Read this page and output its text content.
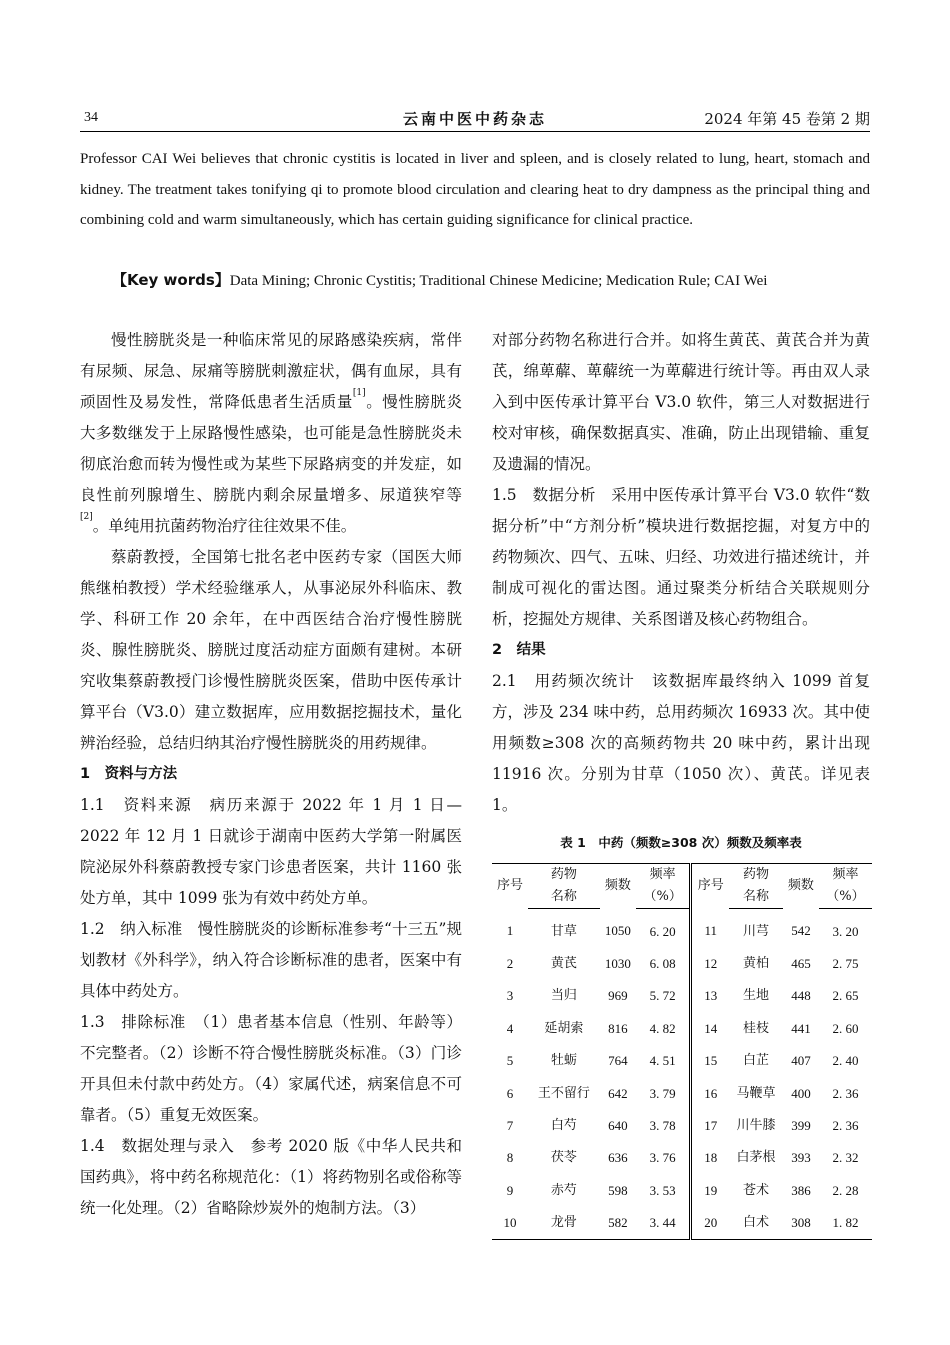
34	云南中医中药杂志	2024 年第 45 卷第 2 期

Professor CAI Wei believes that chronic cystitis is located in liver and spleen, and is closely related to lung, heart, stomach and kidney. The treatment takes tonifying qi to promote blood circulation and clearing heat to dry dampness as the principal thing and combining cold and warm simultaneously, which has certain guiding significance for clinical practice.

【Key words】Data Mining; Chronic Cystitis; Traditional Chinese Medicine; Medication Rule; CAI Wei

慢性膀胱炎是一种临床常见的尿路感染疾病，常伴有尿频、尿急、尿痛等膀胱刺激症状，偶有血尿，具有顽固性及易发性，常降低患者生活质量[1]。慢性膀胱炎大多数继发于上尿路慢性感染，也可能是急性膀胱炎未彻底治愈而转为慢性或为某些下尿路病变的并发症，如良性前列腺增生、膀胱内剩余尿量增多、尿道狭窄等[2]。单纯用抗菌药物治疗往往效果不佳。

蔡蔚教授，全国第七批名老中医药专家（国医大师熊继柏教授）学术经验继承人，从事泌尿外科临床、教学、科研工作 20 余年，在中西医结合治疗慢性膀胱炎、腺性膀胱炎、膀胱过度活动症方面颇有建树。本研究收集蔡蔚教授门诊慢性膀胱炎医案，借助中医传承计算平台（V3.0）建立数据库，应用数据挖掘技术，量化辨治经验，总结归纳其治疗慢性膀胱炎的用药规律。

1　资料与方法

1.1　资料来源　病历来源于 2022 年 1 月 1 日—2022 年 12 月 1 日就诊于湖南中医药大学第一附属医院泌尿外科蔡蔚教授专家门诊患者医案，共计 1160 张处方单，其中 1099 张为有效中药处方单。

1.2　纳入标准　慢性膀胱炎的诊断标准参考“十三五”规划教材《外科学》，纳入符合诊断标准的患者，医案中有具体中药处方。

1.3　排除标准　（1）患者基本信息（性别、年龄等）不完整者。（2）诊断不符合慢性膀胱炎标准。（3）门诊开具但未付款中药处方。（4）家属代述，病案信息不可靠者。（5）重复无效医案。

1.4　数据处理与录入　参考 2020 版《中华人民共和国药典》，将中药名称规范化：（1）将药物别名或俗称等统一化处理。（2）省略除炒炭外的炮制方法。（3）

对部分药物名称进行合并。如将生黄芪、黄芪合并为黄芪，绵萆薢、萆薢统一为萆薢进行统计等。再由双人录入到中医传承计算平台 V3.0 软件，第三人对数据进行校对审核，确保数据真实、准确，防止出现错输、重复及遗漏的情况。

1.5　数据分析　采用中医传承计算平台 V3.0 软件“数据分析”中“方剂分析”模块进行数据挖掘，对复方中的药物频次、四气、五味、归经、功效进行描述统计，并制成可视化的雷达图。通过聚类分析结合关联规则分析，挖掘处方规律、关系图谱及核心药物组合。

2　结果

2.1　用药频次统计　该数据库最终纳入 1099 首复方，涉及 234 味中药，总用药频次 16933 次。其中使用频数≥308 次的高频药物共 20 味中药，累计出现 11916 次。分别为甘草（1050 次）、黄芪。详见表 1。

表 1　中药（频数≥308 次）频数及频率表
序号	药物	频数	频率	序号	药物	频数	频率
	名称		（%）		名称		（%）
1	甘草	1050	6. 20	11	川芎	542	3. 20
2	黄芪	1030	6. 08	12	黄柏	465	2. 75
3	当归	969	5. 72	13	生地	448	2. 65
4	延胡索	816	4. 82	14	桂枝	441	2. 60
5	牡蛎	764	4. 51	15	白芷	407	2. 40
6	王不留行	642	3. 79	16	马鞭草	400	2. 36
7	白芍	640	3. 78	17	川牛膝	399	2. 36
8	茯苓	636	3. 76	18	白茅根	393	2. 32
9	赤芍	598	3. 53	19	苍术	386	2. 28
10	龙骨	582	3. 44	20	白术	308	1. 82
